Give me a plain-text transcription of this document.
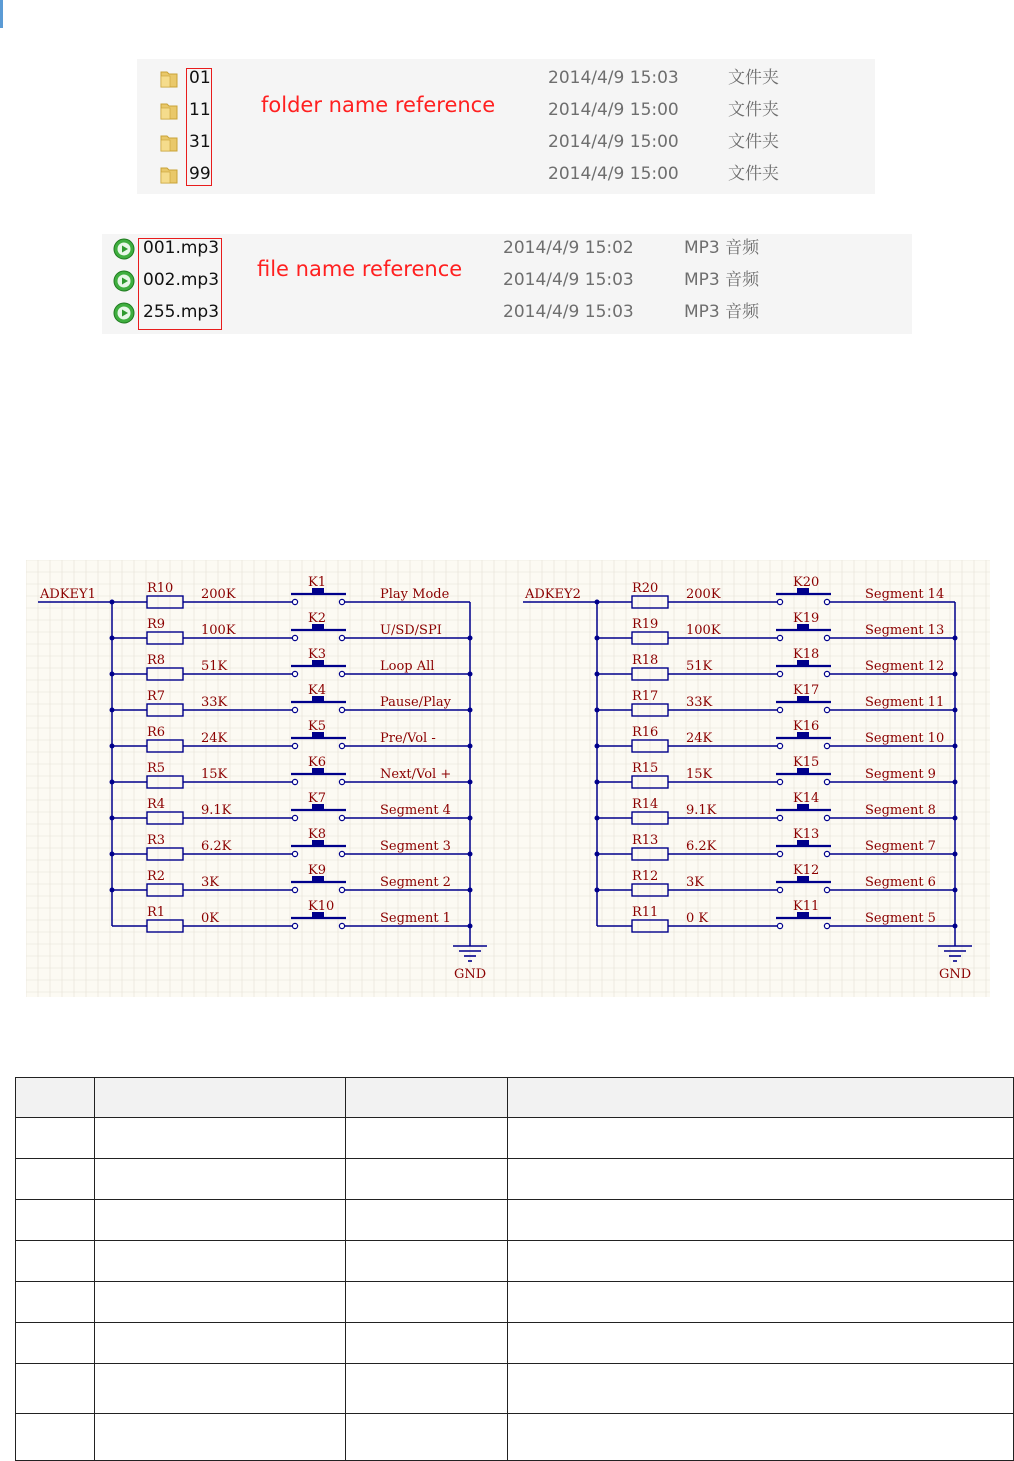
folder name reference
01	2014/4/9 15:03	文件夹
11	2014/4/9 15:00	文件夹
31	2014/4/9 15:00	文件夹
99	2014/4/9 15:00	文件夹
file name reference
001.mp3	2014/4/9 15:02	MP3 音频
002.mp3	2014/4/9 15:03	MP3 音频
255.mp3	2014/4/9 15:03	MP3 音频
ADKEY1	R10 200K
K1
Play Mode
R9	100K
K2
U/SD/SPI
R8	51K
K3
Loop All
R7	33K
K4
Pause/Play
R6	24K
K5
Pre/Vol -
R5	15K
K6
Next/Vol +
R4	9.1K
K7
Segment 4
R3	6.2K
K8
Segment 3
R2	3K
K9
Segment 2
R1	0K
K10
Segment 1
GND
ADKEY2	R20 200K
K20
Segment 14
R19 100K
K19
Segment 13
R18 51K
K18
Segment 12
R17 33K
K17
Segment 11
R16 24K
K16
Segment 10
R15 15K
K15
Segment 9
R14 9.1K
K14
Segment 8
R13 6.2K
K13
Segment 7
R12 3K
K12
Segment 6
R11 0 K
K11
Segment 5
GND
